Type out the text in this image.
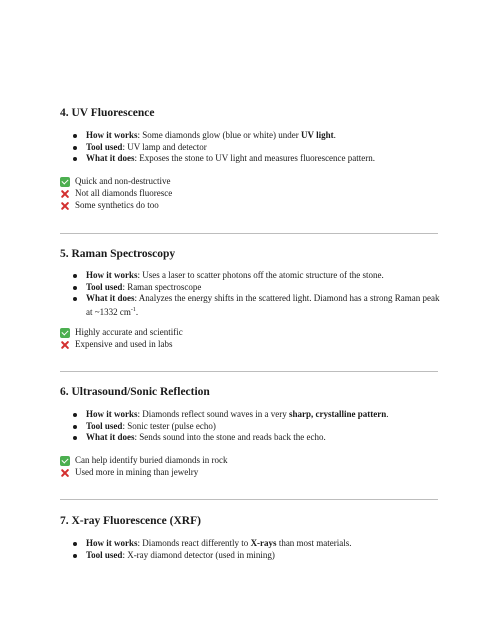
4. UV Fluorescence
How it works: Some diamonds glow (blue or white) under UV light.
Tool used: UV lamp and detector
What it does: Exposes the stone to UV light and measures fluorescence pattern.
Quick and non-destructive
Not all diamonds fluoresce
Some synthetics do too
5. Raman Spectroscopy
How it works: Uses a laser to scatter photons off the atomic structure of the stone.
Tool used: Raman spectroscope
What it does: Analyzes the energy shifts in the scattered light. Diamond has a strong Raman peak at ~1332 $cm^{-1}$.
Highly accurate and scientific
Expensive and used in labs
6. Ultrasound/Sonic Reflection
How it works: Diamonds reflect sound waves in a very sharp, crystalline pattern.
Tool used: Sonic tester (pulse echo)
What it does: Sends sound into the stone and reads back the echo.
Can help identify buried diamonds in rock
Used more in mining than jewelry
7. X-ray Fluorescence (XRF)
How it works: Diamonds react differently to X-rays than most materials.
Tool used: X-ray diamond detector (used in mining)
